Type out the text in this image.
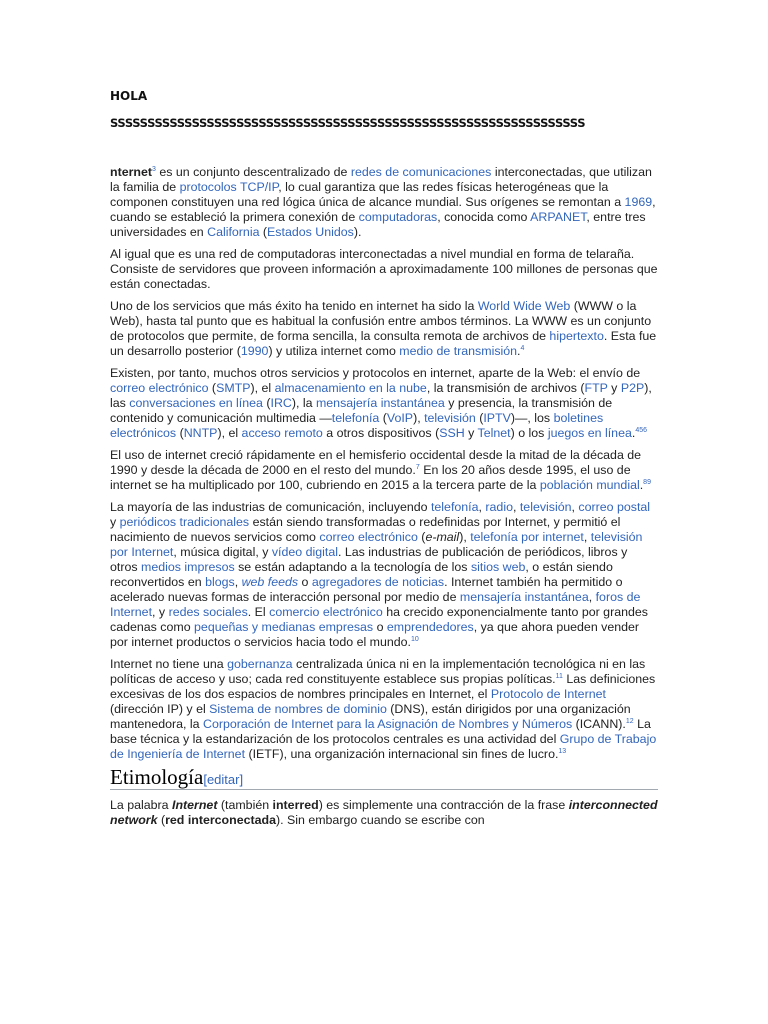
HOLA
SSSSSSSSSSSSSSSSSSSSSSSSSSSSSSSSSSSSSSSSSSSSSSSSSSSSSSSSSSSSSSSS

nternet$^3$ es un conjunto descentralizado de redes de comunicaciones interconectadas, que utilizan la familia de protocolos TCP/IP, lo cual garantiza que las redes físicas heterogéneas que la componen constituyen una red lógica única de alcance mundial. Sus orígenes se remontan a 1969, cuando se estableció la primera conexión de computadoras, conocida como ARPANET, entre tres universidades en California (Estados Unidos).

Al igual que es una red de computadoras interconectadas a nivel mundial en forma de telaraña. Consiste de servidores que proveen información a aproximadamente 100 millones de personas que están conectadas.

Uno de los servicios que más éxito ha tenido en internet ha sido la World Wide Web (WWW o la Web), hasta tal punto que es habitual la confusión entre ambos términos. La WWW es un conjunto de protocolos que permite, de forma sencilla, la consulta remota de archivos de hipertexto. Esta fue un desarrollo posterior (1990) y utiliza internet como medio de transmisión.$^4$

Existen, por tanto, muchos otros servicios y protocolos en internet, aparte de la Web: el envío de correo electrónico (SMTP), el almacenamiento en la nube, la transmisión de archivos (FTP y P2P), las conversaciones en línea (IRC), la mensajería instantánea y presencia, la transmisión de contenido y comunicación multimedia —telefonía (VoIP), televisión (IPTV)—, los boletines electrónicos (NNTP), el acceso remoto a otros dispositivos (SSH y Telnet) o los juegos en línea.$^{456}$

El uso de internet creció rápidamente en el hemisferio occidental desde la mitad de la década de 1990 y desde la década de 2000 en el resto del mundo.$^7$ En los 20 años desde 1995, el uso de internet se ha multiplicado por 100, cubriendo en 2015 a la tercera parte de la población mundial.$^{89}$

La mayoría de las industrias de comunicación, incluyendo telefonía, radio, televisión, correo postal y periódicos tradicionales están siendo transformadas o redefinidas por Internet, y permitió el nacimiento de nuevos servicios como correo electrónico (e-mail), telefonía por internet, televisión por Internet, música digital, y vídeo digital. Las industrias de publicación de periódicos, libros y otros medios impresos se están adaptando a la tecnología de los sitios web, o están siendo reconvertidos en blogs, web feeds o agregadores de noticias. Internet también ha permitido o acelerado nuevas formas de interacción personal por medio de mensajería instantánea, foros de Internet, y redes sociales. El comercio electrónico ha crecido exponencialmente tanto por grandes cadenas como pequeñas y medianas empresas o emprendedores, ya que ahora pueden vender por internet productos o servicios hacia todo el mundo.$^{10}$

Internet no tiene una gobernanza centralizada única ni en la implementación tecnológica ni en las políticas de acceso y uso; cada red constituyente establece sus propias políticas.$^{11}$ Las definiciones excesivas de los dos espacios de nombres principales en Internet, el Protocolo de Internet (dirección IP) y el Sistema de nombres de dominio (DNS), están dirigidos por una organización mantenedora, la Corporación de Internet para la Asignación de Nombres y Números (ICANN).$^{12}$ La base técnica y la estandarización de los protocolos centrales es una actividad del Grupo de Trabajo de Ingeniería de Internet (IETF), una organización internacional sin fines de lucro.$^{13}$

Etimología[editar]

La palabra Internet (también interred) es simplemente una contracción de la frase interconnected network (red interconectada). Sin embargo cuando se escribe con
